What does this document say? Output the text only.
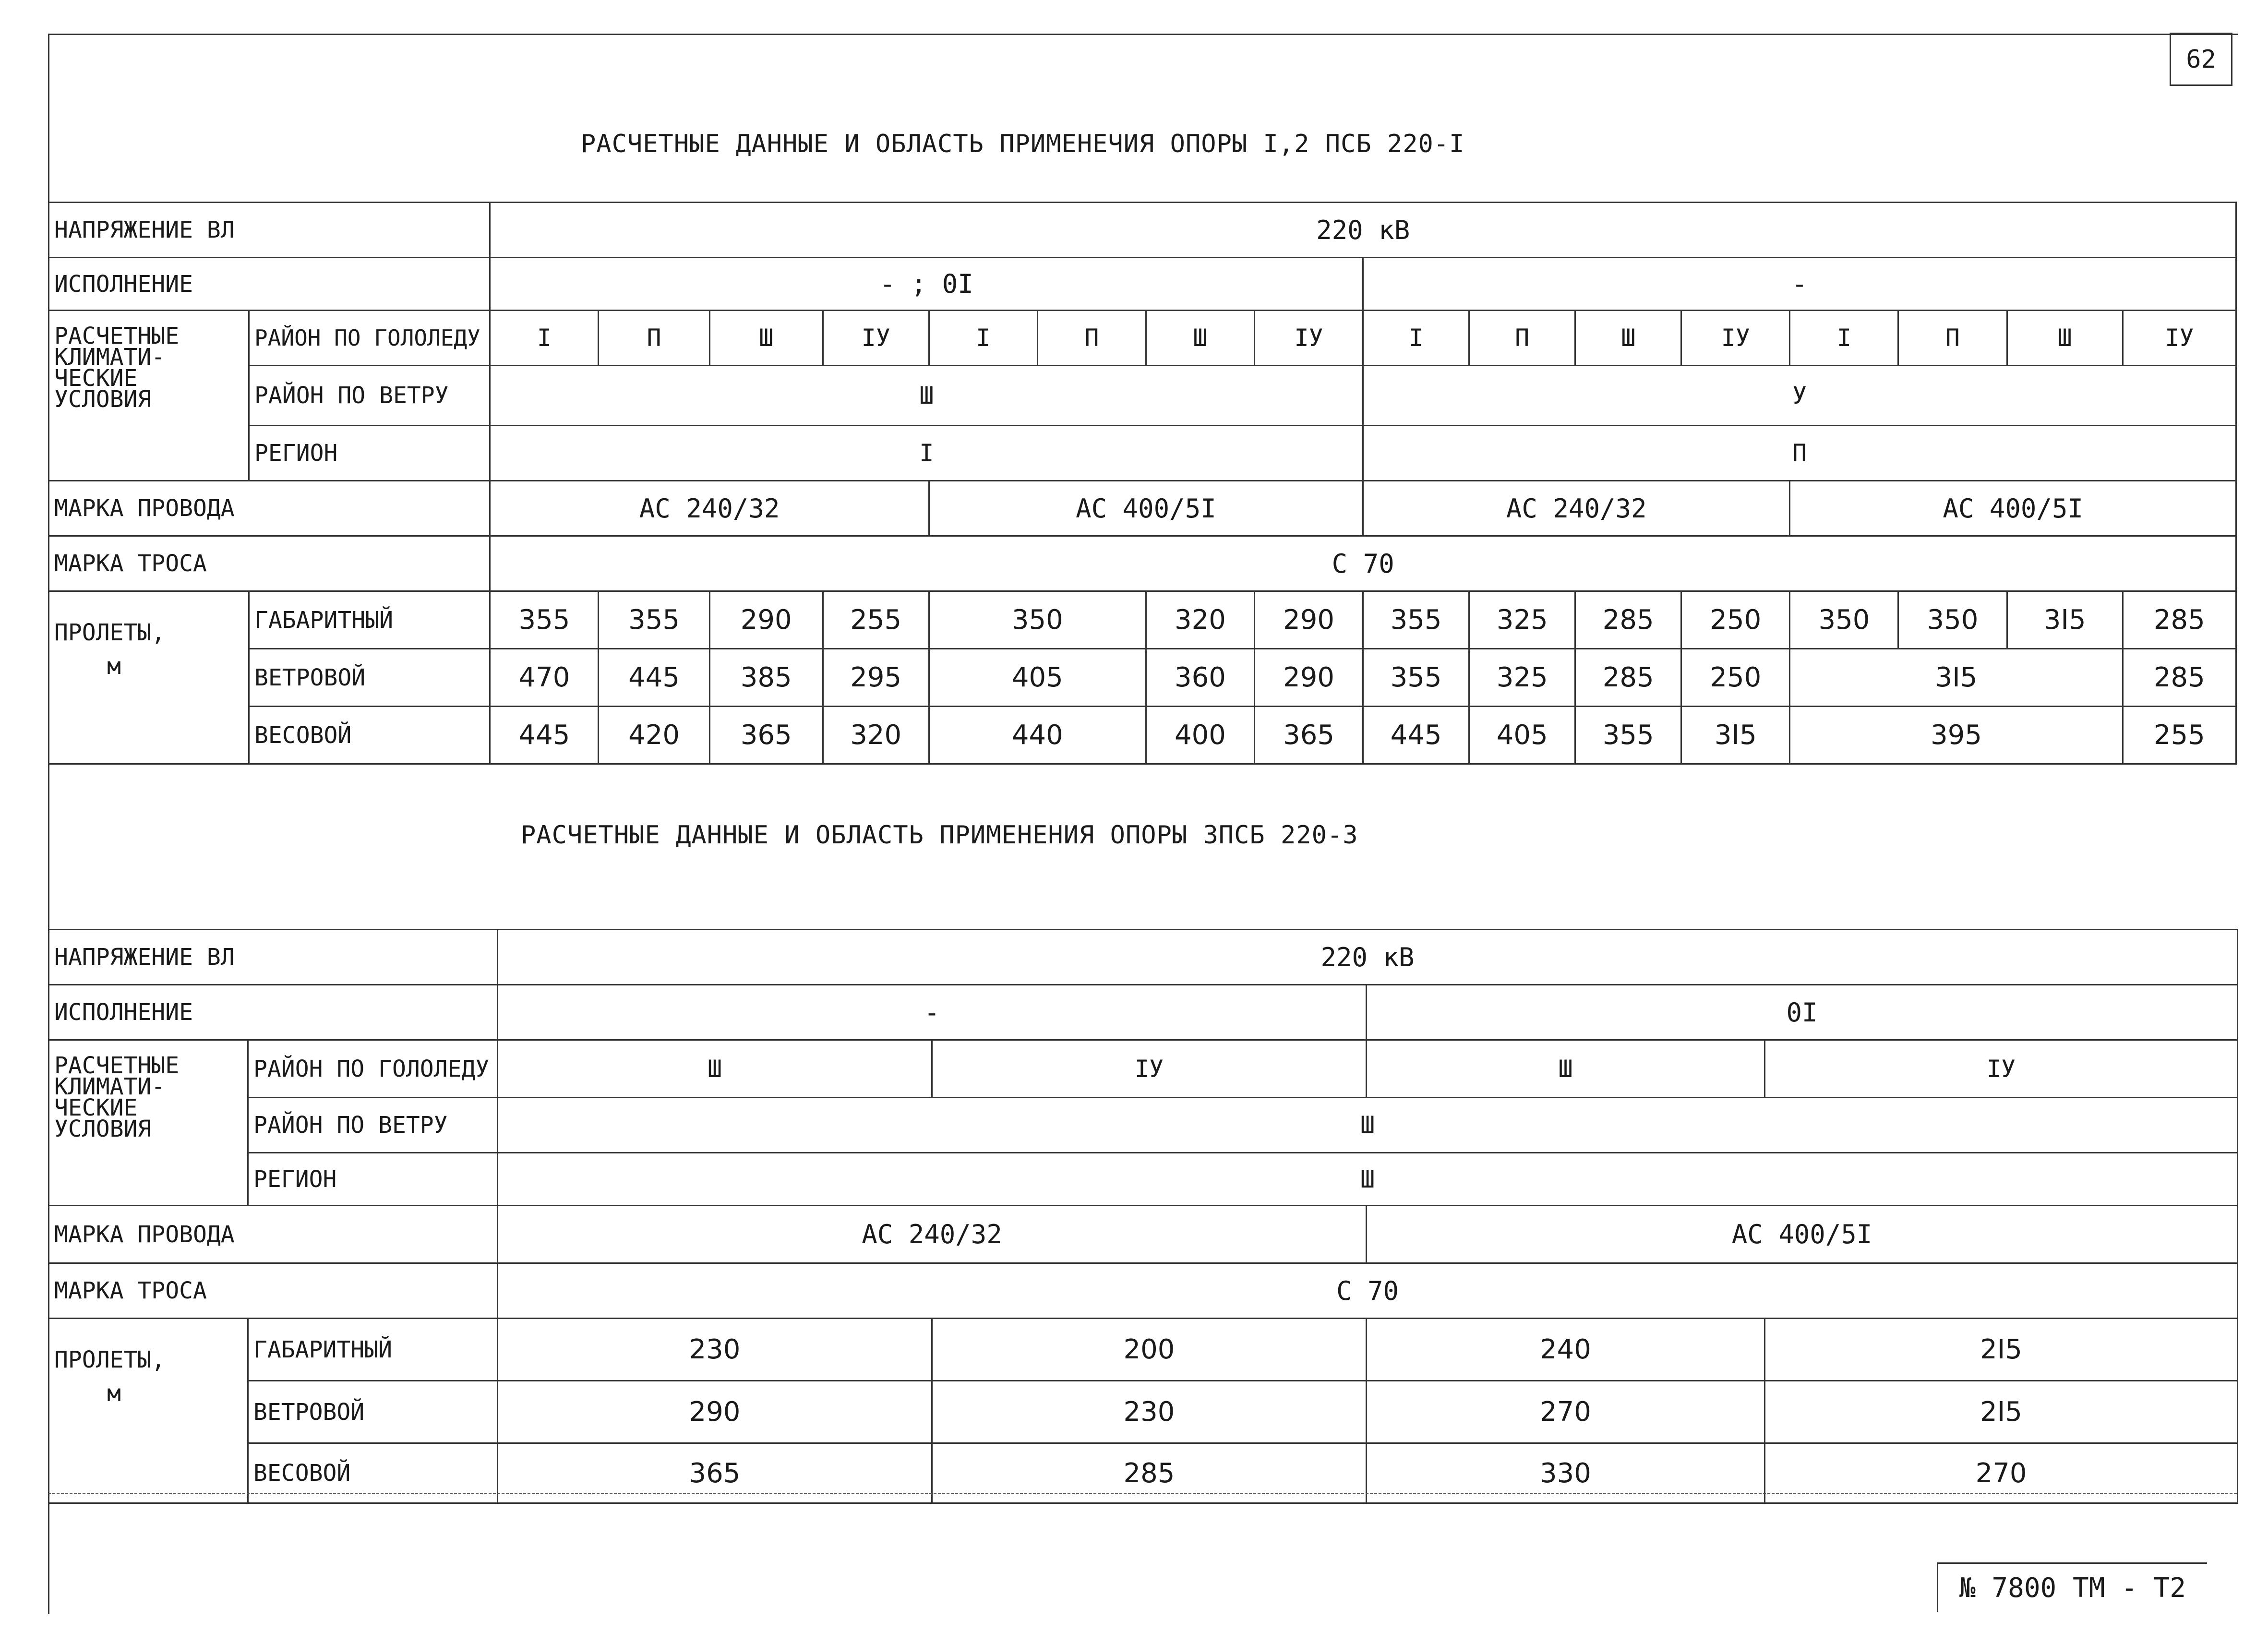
62
РАСЧЕТНЫЕ ДАННЫЕ И ОБЛАСТЬ ПРИМЕНЕЧИЯ ОПОРЫ I,2 ПСБ 220-I
НАПРЯЖЕНИЕ ВЛ		220 кВ															
ИСПОЛНЕНИЕ		- ; 0I								-							
РАСЧЕТНЫЕ КЛИМАТИ-ЧЕСКИЕ УСЛОВИЯ	РАЙОН ПО ГОЛОЛЕДУ	I	П	Ш	IУ	I	П	Ш	IУ	I	П	Ш	IУ	I	П	Ш	IУ
	РАЙОН ПО ВЕТРУ	Ш								У							
	РЕГИОН	I								П							
МАРКА ПРОВОДА		АС 240/32				АС 400/5I				АС 240/32				АС 400/5I			
МАРКА ТРОСА		С 70															
ПРОЛЕТЫ,
м	ГАБАРИТНЫЙ	355	355	290	255	350		320	290	355	325	285	250	350	350	3I5	285
	ВЕТРОВОЙ	470	445	385	295	405		360	290	355	325	285	250	3I5			285
	ВЕСОВОЙ	445	420	365	320	440		400	365	445	405	355	3I5	395			255
РАСЧЕТНЫЕ ДАННЫЕ И ОБЛАСТЬ ПРИМЕНЕНИЯ ОПОРЫ 3ПСБ 220-3
НАПРЯЖЕНИЕ ВЛ		220 кВ			
ИСПОЛНЕНИЕ		-		0I	
РАСЧЕТНЫЕ КЛИМАТИ-ЧЕСКИЕ УСЛОВИЯ	РАЙОН ПО ГОЛОЛЕДУ	Ш	IУ	Ш	IУ
	РАЙОН ПО ВЕТРУ	Ш			
	РЕГИОН	Ш			
МАРКА ПРОВОДА		АС 240/32		АС 400/5I	
МАРКА ТРОСА		С 70			
ПРОЛЕТЫ,
м	ГАБАРИТНЫЙ	230	200	240	2I5
	ВЕТРОВОЙ	290	230	270	2I5
	ВЕСОВОЙ	365	285	330	270
№ 7800 ТМ - Т2
